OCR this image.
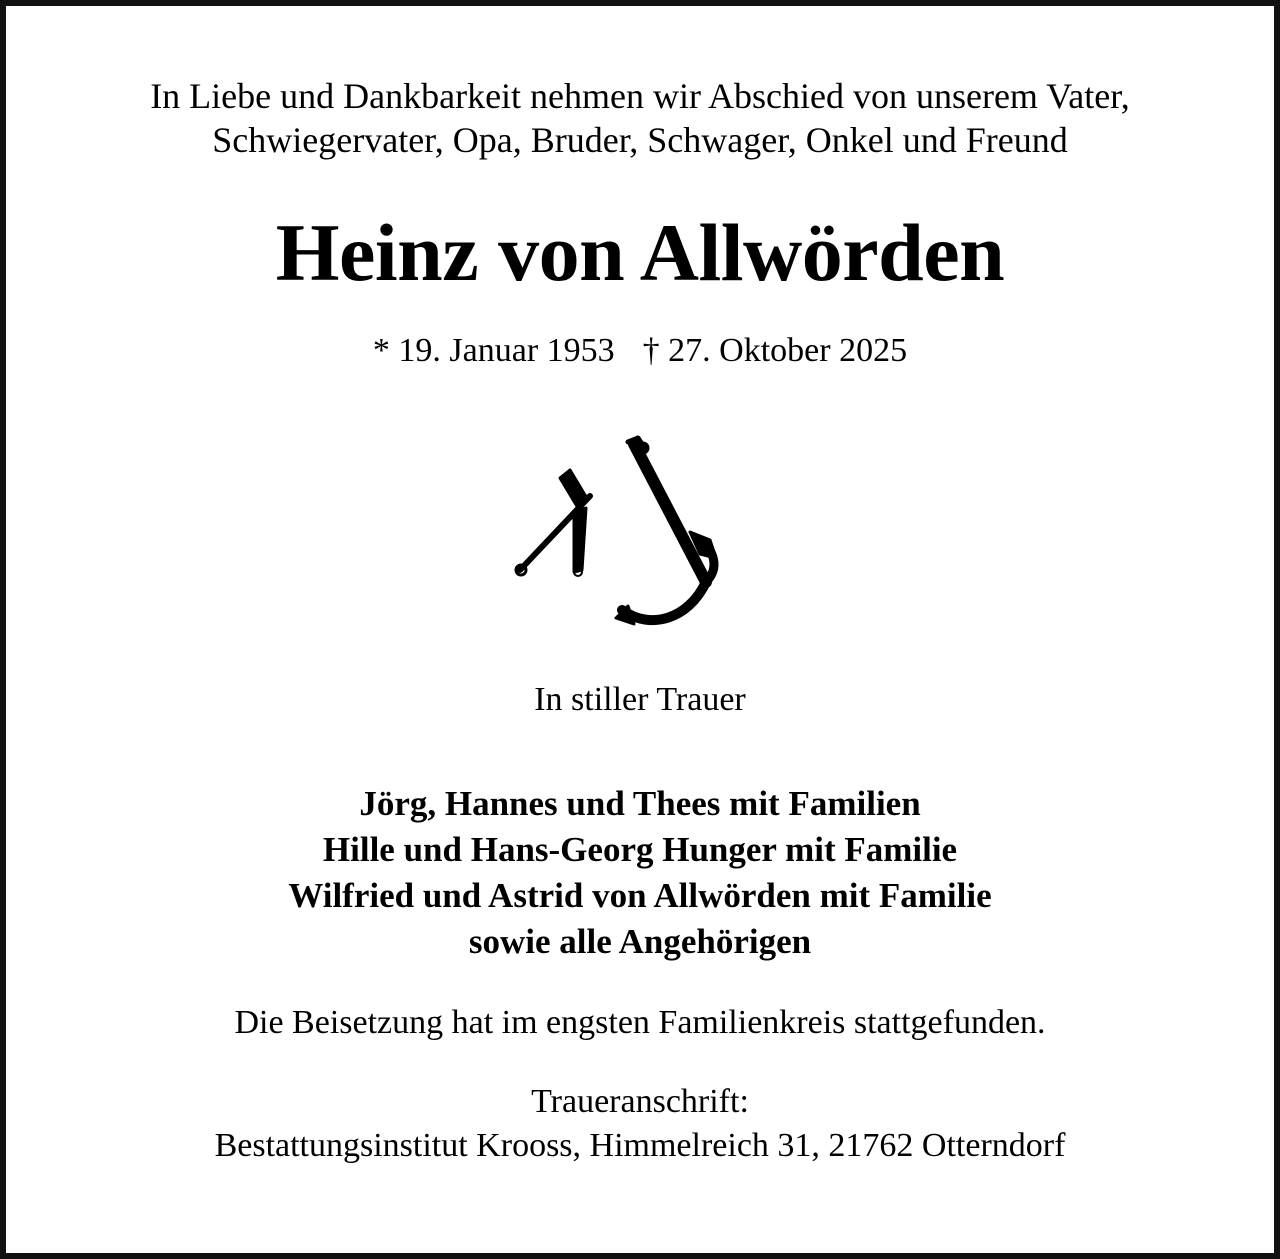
In Liebe und Dankbarkeit nehmen wir Abschied von unserem Vater,

Schwiegervater, Opa, Bruder, Schwager, Onkel und Freund

Heinz von Allwörden

* 19. Januar 1953 † 27. Oktober 2025

In stiller Trauer

Jörg, Hannes und Thees mit Familien

Hille und Hans-Georg Hunger mit Familie

Wilfried und Astrid von Allwörden mit Familie

sowie alle Angehörigen

Die Beisetzung hat im engsten Familienkreis stattgefunden.

Traueranschrift:

Bestattungsinstitut Krooss, Himmelreich 31, 21762 Otterndorf
